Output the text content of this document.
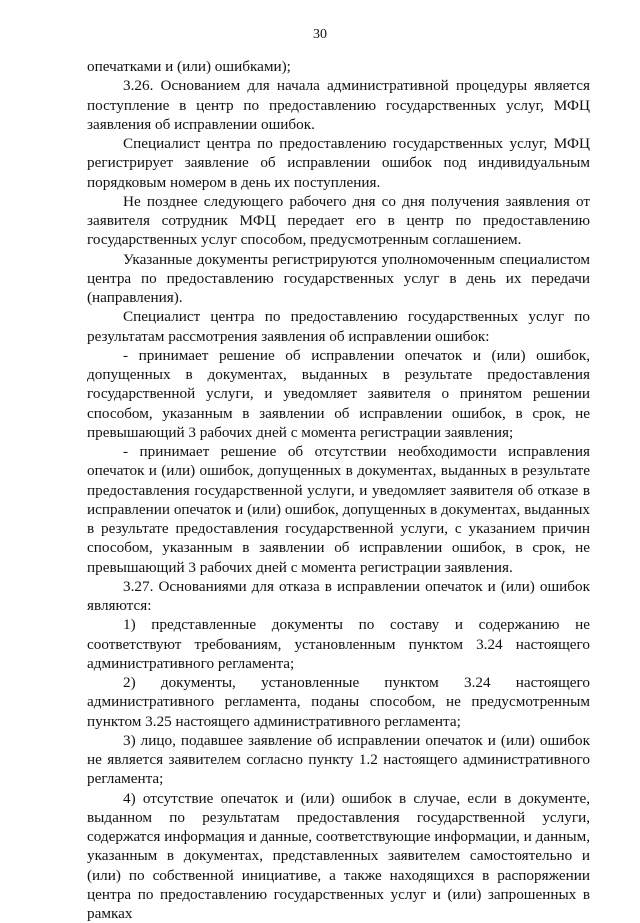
30

опечатками и (или) ошибками);

3.26. Основанием для начала административной процедуры является поступление в центр по предоставлению государственных услуг, МФЦ заявления об исправлении ошибок.

Специалист центра по предоставлению государственных услуг, МФЦ регистрирует заявление об исправлении ошибок под индивидуальным порядковым номером в день их поступления.

Не позднее следующего рабочего дня со дня получения заявления от заявителя сотрудник МФЦ передает его в центр по предоставлению государственных услуг способом, предусмотренным соглашением.

Указанные документы регистрируются уполномоченным специалистом центра по предоставлению государственных услуг в день их передачи (направления).

Специалист центра по предоставлению государственных услуг по результатам рассмотрения заявления об исправлении ошибок:

- принимает решение об исправлении опечаток и (или) ошибок, допущенных в документах, выданных в результате предоставления государственной услуги, и уведомляет заявителя о принятом решении способом, указанным в заявлении об исправлении ошибок, в срок, не превышающий 3 рабочих дней с момента регистрации заявления;

- принимает решение об отсутствии необходимости исправления опечаток и (или) ошибок, допущенных в документах, выданных в результате предоставления государственной услуги, и уведомляет заявителя об отказе в исправлении опечаток и (или) ошибок, допущенных в документах, выданных в результате предоставления государственной услуги, с указанием причин способом, указанным в заявлении об исправлении ошибок, в срок, не превышающий 3 рабочих дней с момента регистрации заявления.

3.27. Основаниями для отказа в исправлении опечаток и (или) ошибок являются:

1) представленные документы по составу и содержанию не соответствуют требованиям, установленным пунктом 3.24 настоящего административного регламента;

2) документы, установленные пунктом 3.24 настоящего административного регламента, поданы способом, не предусмотренным пунктом 3.25 настоящего административного регламента;

3) лицо, подавшее заявление об исправлении опечаток и (или) ошибок не является заявителем согласно пункту 1.2 настоящего административного регламента;

4) отсутствие опечаток и (или) ошибок в случае, если в документе, выданном по результатам предоставления государственной услуги, содержатся информация и данные, соответствующие информации, и данным, указанным в документах, представленных заявителем самостоятельно и (или) по собственной инициативе, а также находящихся в распоряжении центра по предоставлению государственных услуг и (или) запрошенных в рамках
